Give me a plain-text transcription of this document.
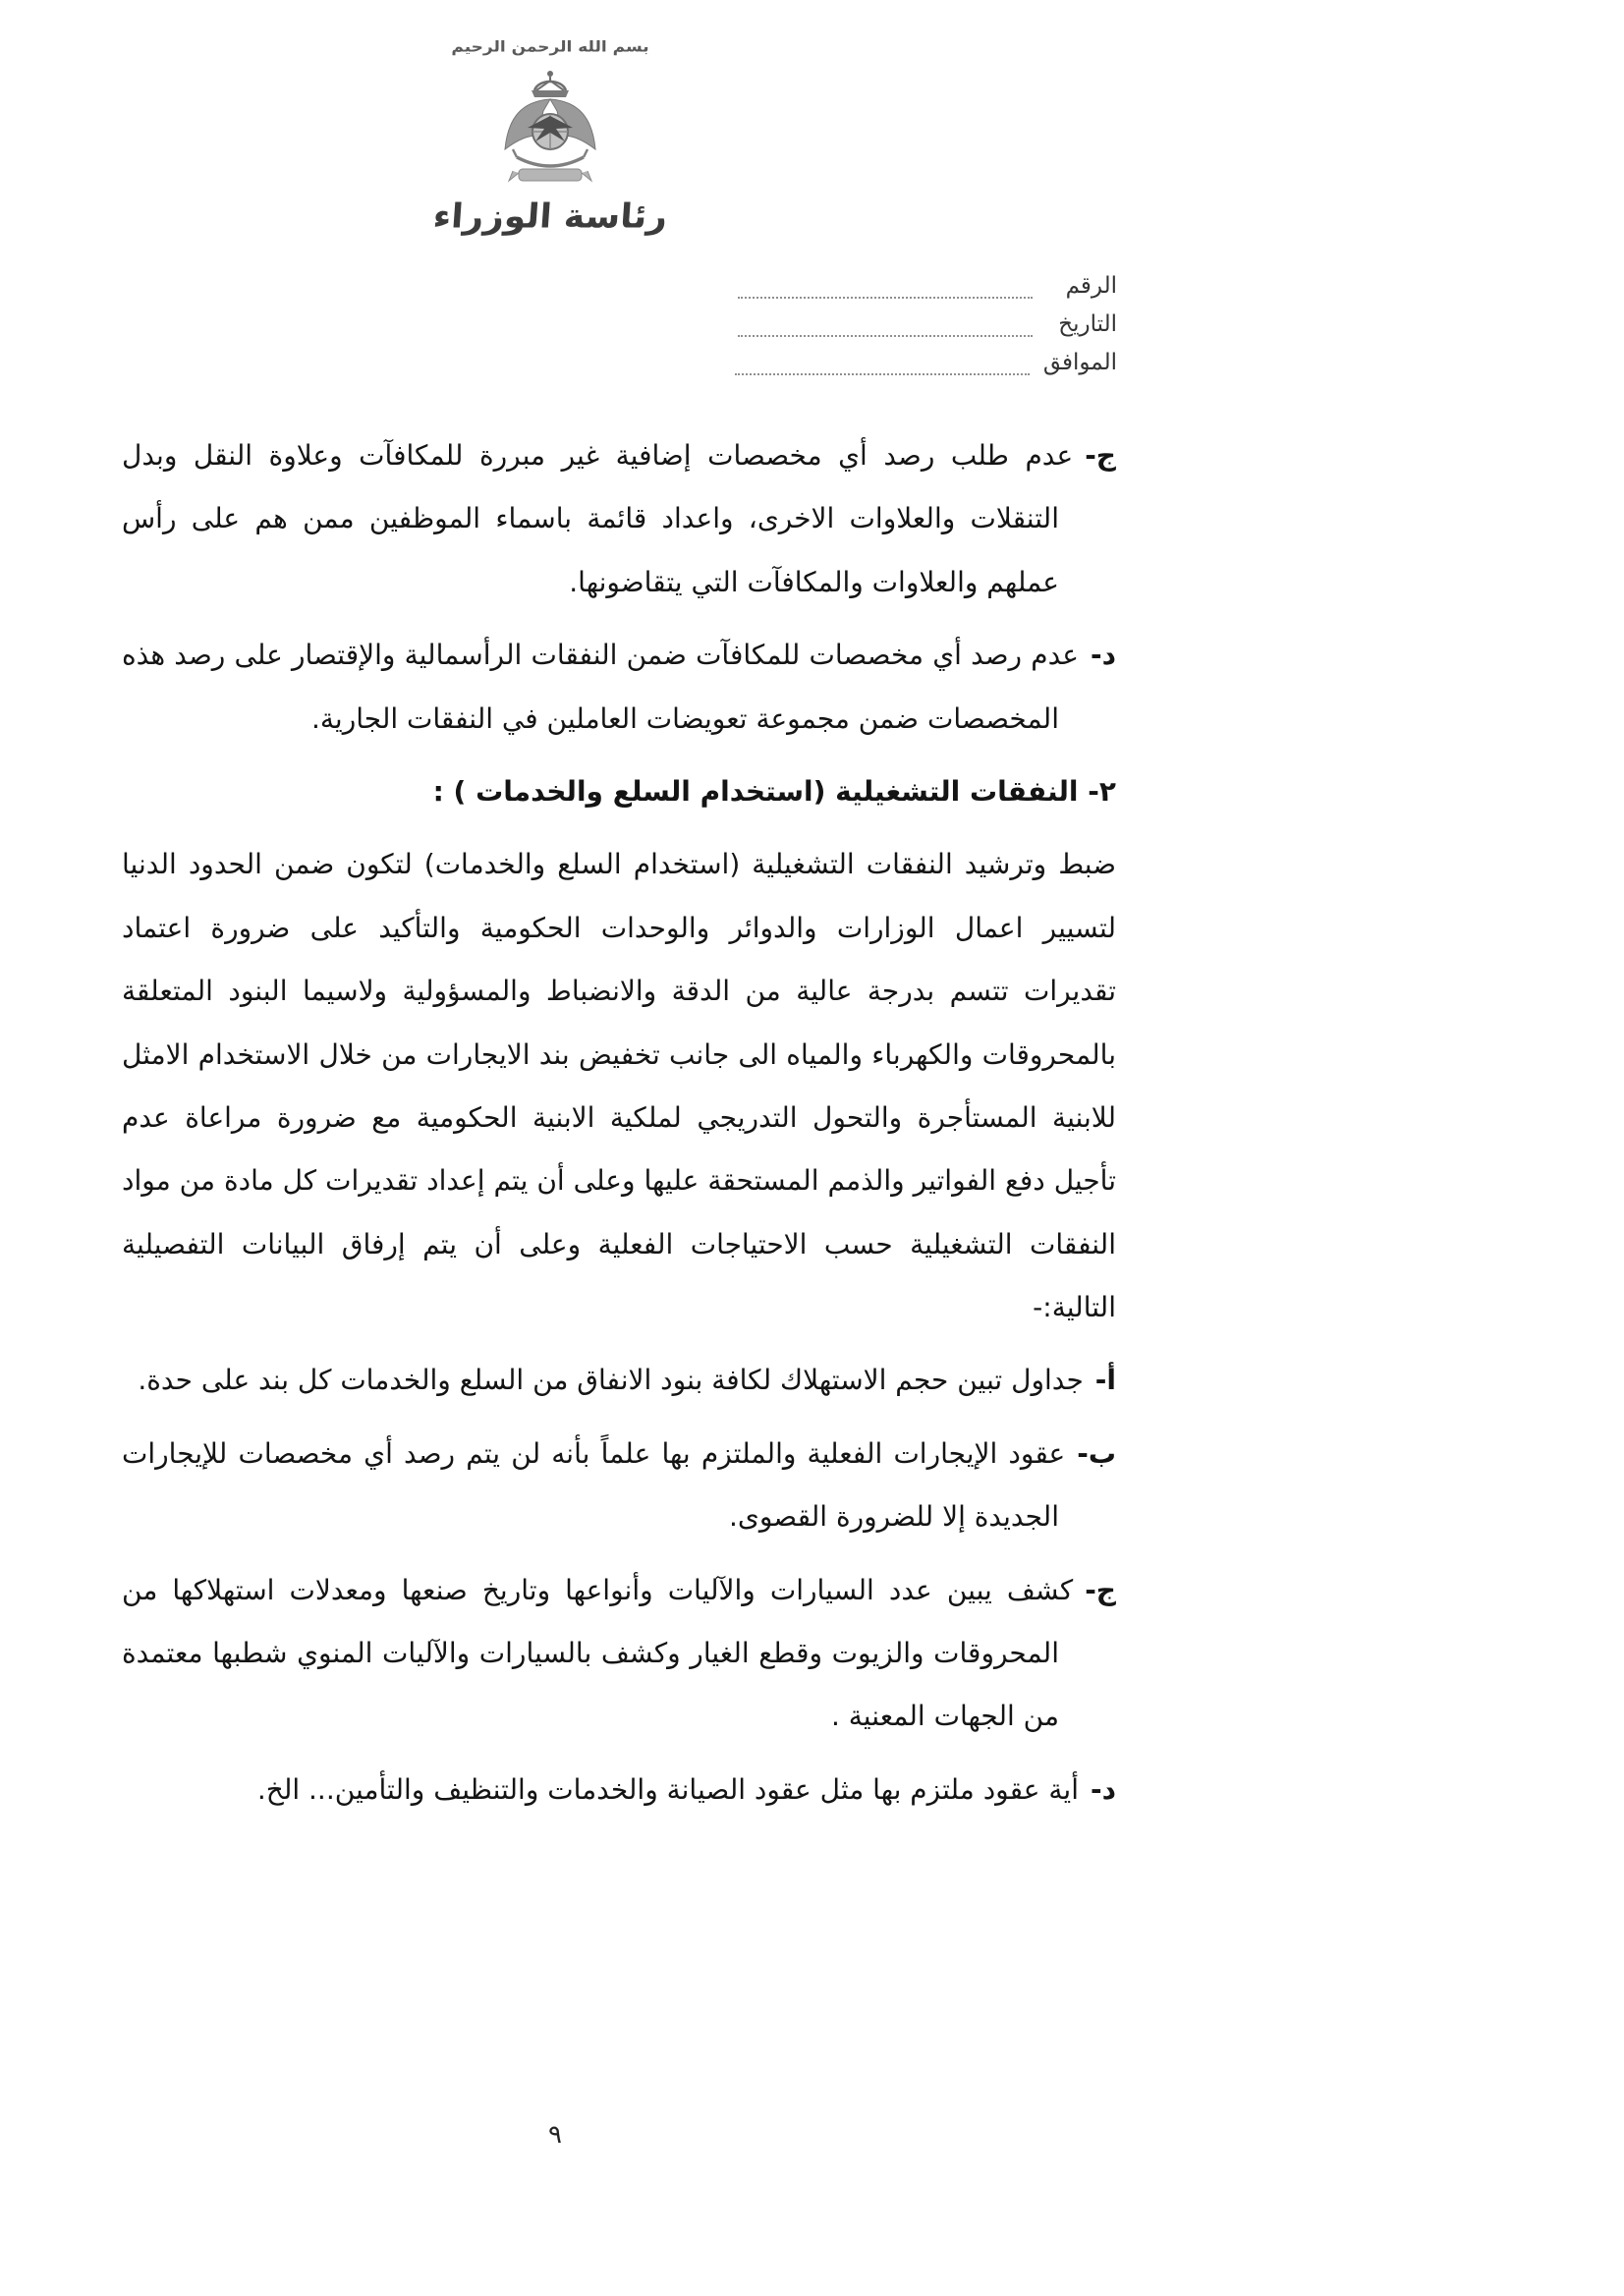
بسم الله الرحمن الرحيم
رئاسة الوزراء
الرقم
التاريخ
الموافق
ج-عدم طلب رصد أي مخصصات إضافية غير مبررة للمكافآت وعلاوة النقل وبدل التنقلات والعلاوات الاخرى، واعداد قائمة باسماء الموظفين ممن هم على رأس عملهم والعلاوات والمكافآت التي يتقاضونها.
د-عدم رصد أي مخصصات للمكافآت ضمن النفقات الرأسمالية والإقتصار على رصد هذه المخصصات ضمن مجموعة تعويضات العاملين في النفقات الجارية.
٢- النفقات التشغيلية (استخدام السلع والخدمات ) :
ضبط وترشيد النفقات التشغيلية (استخدام السلع والخدمات) لتكون ضمن الحدود الدنيا لتسيير اعمال الوزارات والدوائر والوحدات الحكومية والتأكيد على ضرورة اعتماد تقديرات تتسم بدرجة عالية من الدقة والانضباط والمسؤولية ولاسيما البنود المتعلقة بالمحروقات والكهرباء والمياه الى جانب تخفيض بند الايجارات من خلال الاستخدام الامثل للابنية المستأجرة والتحول التدريجي لملكية الابنية الحكومية مع ضرورة مراعاة عدم تأجيل دفع الفواتير والذمم المستحقة عليها وعلى أن يتم إعداد تقديرات كل مادة من مواد النفقات التشغيلية حسب الاحتياجات الفعلية وعلى أن يتم إرفاق البيانات التفصيلية التالية:-
أ-جداول تبين حجم الاستهلاك لكافة بنود الانفاق من السلع والخدمات كل بند على حدة.
ب-عقود الإيجارات الفعلية والملتزم بها علماً بأنه لن يتم رصد أي مخصصات للإيجارات الجديدة إلا للضرورة القصوى.
ج-كشف يبين عدد السيارات والآليات وأنواعها وتاريخ صنعها ومعدلات استهلاكها من المحروقات والزيوت وقطع الغيار وكشف بالسيارات والآليات المنوي شطبها معتمدة من الجهات المعنية .
د-أية عقود ملتزم بها مثل عقود الصيانة والخدمات والتنظيف والتأمين... الخ.
٩
